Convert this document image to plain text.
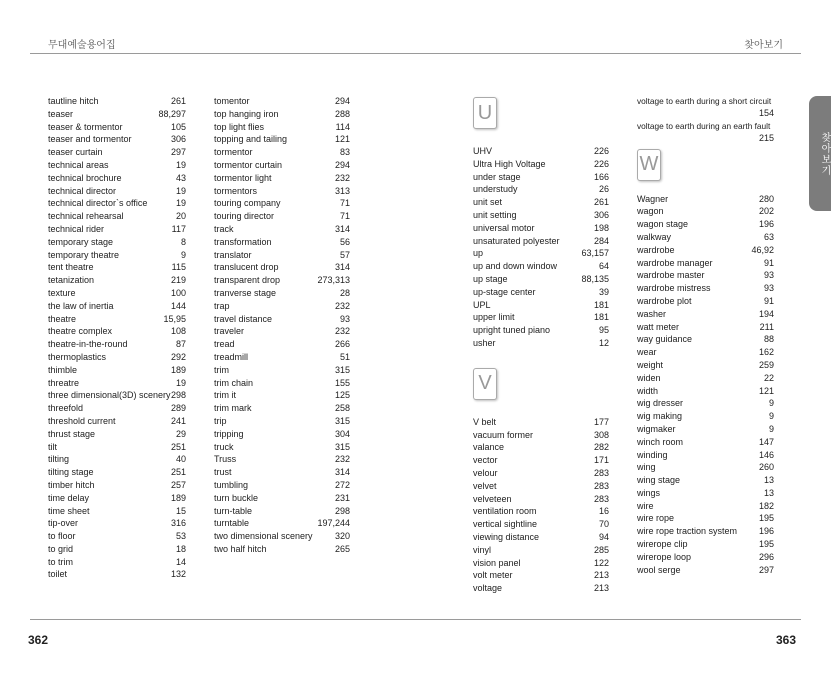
무대예술용어집	찾아보기
찾아보기
tautline hitch	261
teaser	88,297
teaser & tormentor	105
teaser and tormentor	306
teaser curtain	297
technical areas	19
technical brochure	43
technical director	19
technical director`s office	19
technical rehearsal	20
technical rider	117
temporary stage	8
temporary theatre	9
tent theatre	115
tetanization	219
texture	100
the law of inertia	144
theatre	15,95
theatre complex	108
theatre-in-the-round	87
thermoplastics	292
thimble	189
threatre	19
three dimensional(3D) scenery 298
threefold	289
threshold current	241
thrust stage	29
tilt	251
tilting	40
tilting stage	251
timber hitch	257
time delay	189
time sheet	15
tip-over	316
to floor	53
to grid	18
to trim	14
toilet	132
tomentor	294
top hanging iron	288
top light flies	114
topping and tailing	121
tormentor	83
tormentor curtain	294
tormentor light	232
tormentors	313
touring company	71
touring director	71
track	314
transformation	56
translator	57
translucent drop	314
transparent drop	273,313
tranverse stage	28
trap	232
travel distance	93
traveler	232
tread	266
treadmill	51
trim	315
trim chain	155
trim it	125
trim mark	258
trip	315
tripping	304
truck	315
Truss	232
trust	314
tumbling	272
turn buckle	231
turn-table	298
turntable	197,244
two dimensional scenery 320
two half hitch	265
U
UHV	226
Ultra High Voltage	226
under stage	166
understudy	26
unit set	261
unit setting	306
universal motor	198
unsaturated polyester	284
up	63,157
up and down window	64
up stage	88,135
up-stage center	39
UPL	181
upper limit	181
upright tuned piano	95
usher	12
V
V belt	177
vacuum former	308
valance	282
vector	171
velour	283
velvet	283
velveteen	283
ventilation room	16
vertical sightline	70
viewing distance	94
vinyl	285
vision panel	122
volt meter	213
voltage	213
voltage to earth during a short circuit
154
voltage to earth during an earth fault
215
W
Wagner	280
wagon	202
wagon stage	196
walkway	63
wardrobe	46,92
wardrobe manager	91
wardrobe master	93
wardrobe mistress	93
wardrobe plot	91
washer	194
watt meter	211
way guidance	88
wear	162
weight	259
widen	22
width	121
wig dresser	9
wig making	9
wigmaker	9
winch room	147
winding	146
wing	260
wing stage	13
wings	13
wire	182
wire rope	195
wire rope traction system 196
wirerope clip	195
wirerope loop	296
wool serge	297
362	363
